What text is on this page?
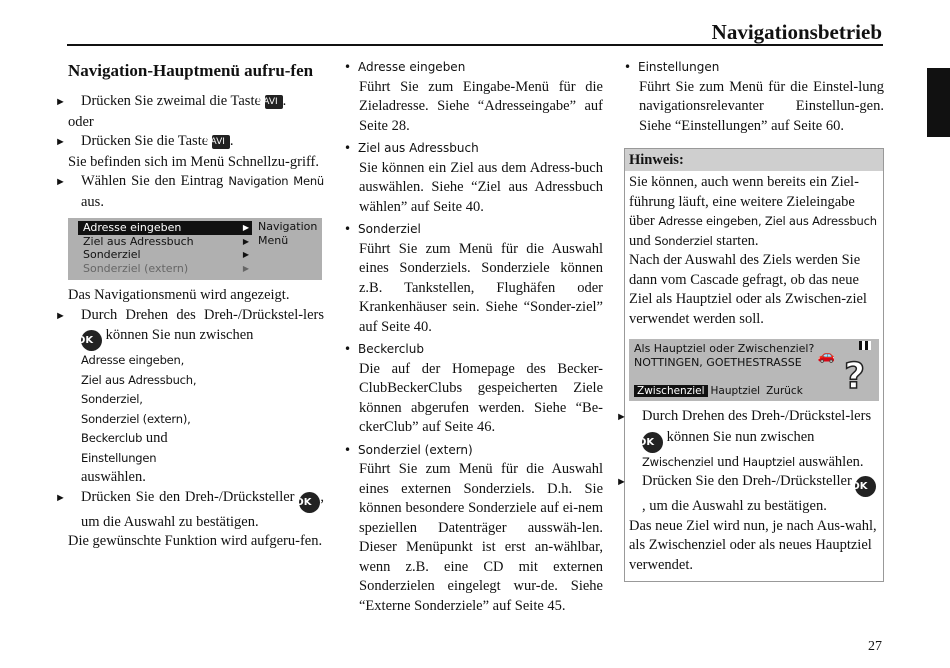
Navigationsbetrieb
Navigation-Hauptmenü aufru-fen

► Drücken Sie zweimal die Taste NAVI .

oder

► Drücken Sie die Taste NAVI .

Sie befinden sich im Menü Schnellzu-griff.

► Wählen Sie den Eintrag Navigation Menü aus.

Adresse eingeben	▶
Ziel aus Adressbuch	▶
Sonderziel	▶
Sonderziel (extern)	▶
Navigation
Menü

Das Navigationsmenü wird angezeigt.

► Durch Drehen des Dreh-/Drückstel-lers OK können Sie nun zwischen

Adresse eingeben,
Ziel aus Adressbuch,
Sonderziel,
Sonderziel (extern),
Beckerclub und
Einstellungen
auswählen.

► Drücken Sie den Dreh-/Drücksteller OK , um die Auswahl zu bestätigen.

Die gewünschte Funktion wird aufgeru-fen.

• Adresse eingeben
Führt Sie zum Eingabe-Menü für die Zieladresse. Siehe “Adresseingabe” auf Seite 28.
• Ziel aus Adressbuch
Sie können ein Ziel aus dem Adress-buch auswählen. Siehe “Ziel aus Adressbuch wählen” auf Seite 40.
• Sonderziel
Führt Sie zum Menü für die Auswahl eines Sonderziels. Sonderziele können z.B. Tankstellen, Flughäfen oder Krankenhäuser sein. Siehe “Sonder-ziel” auf Seite 40.
• Beckerclub
Die auf der Homepage des Becker-ClubBeckerClubs gespeicherten Ziele können abgerufen werden. Siehe “Be-ckerClub” auf Seite 46.
• Sonderziel (extern)
Führt Sie zum Menü für die Auswahl eines externen Sonderziels. D.h. Sie können besondere Sonderziele auf ei-nem speziellen Datenträger ausswäh-len. Dieser Menüpunkt ist erst an-wählbar, wenn z.B. eine CD mit externen Sonderzielen eingelegt wur-de. Siehe “Externe Sonderziele” auf Seite 45.
• Einstellungen
Führt Sie zum Menü für die Einstel-lung navigationsrelevanter Einstellun-gen. Siehe “Einstellungen” auf Seite 60.
Hinweis:

Sie können, auch wenn bereits ein Ziel-führung läuft, eine weitere Zieleingabe über Adresse eingeben, Ziel aus Adressbuch und Sonderziel starten.

Nach der Auswahl des Ziels werden Sie dann vom Cascade gefragt, ob das neue Ziel als Hauptziel oder als Zwischen-ziel verwendet werden soll.

Als Hauptziel oder Zwischenziel?
NOTTINGEN, GOETHESTRASSE	🚗 ?
Zwischenziel Hauptziel Zurück

► Durch Drehen des Dreh-/Drückstel-lers OK können Sie nun zwischen Zwischenziel und Hauptziel auswählen.

► Drücken Sie den Dreh-/Drücksteller OK, um die Auswahl zu bestätigen.

Das neue Ziel wird nun, je nach Aus-wahl, als Zwischenziel oder als neues Hauptziel verwendet.

27
